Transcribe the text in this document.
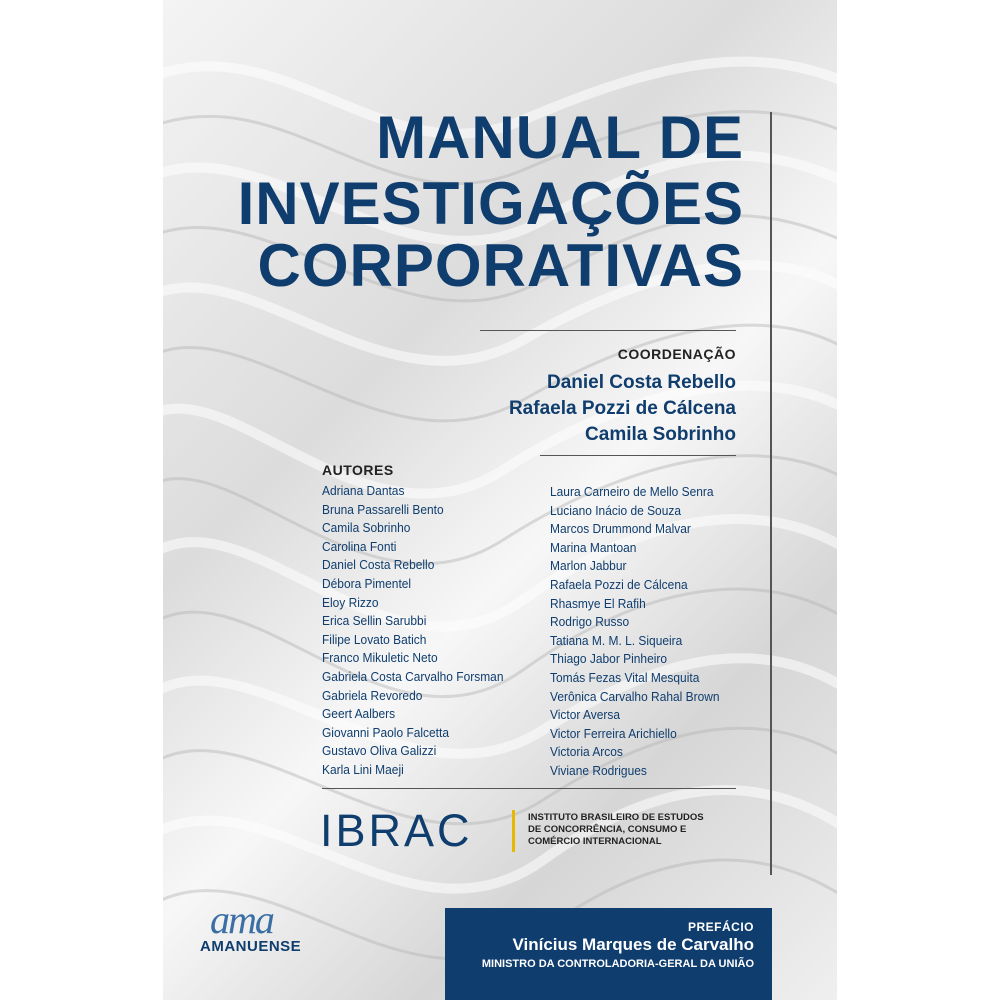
MANUAL DE
INVESTIGAÇÕES
CORPORATIVAS
COORDENAÇÃO
Daniel Costa Rebello
Rafaela Pozzi de Cálcena
Camila Sobrinho
AUTORES
Adriana Dantas
Bruna Passarelli Bento
Camila Sobrinho
Carolina Fonti
Daniel Costa Rebello
Débora Pimentel
Eloy Rizzo
Erica Sellin Sarubbi
Filipe Lovato Batich
Franco Mikuletic Neto
Gabriela Costa Carvalho Forsman
Gabriela Revoredo
Geert Aalbers
Giovanni Paolo Falcetta
Gustavo Oliva Galizzi
Karla Lini Maeji
Laura Carneiro de Mello Senra
Luciano Inácio de Souza
Marcos Drummond Malvar
Marina Mantoan
Marlon Jabbur
Rafaela Pozzi de Cálcena
Rhasmye El Rafih
Rodrigo Russo
Tatiana M. M. L. Siqueira
Thiago Jabor Pinheiro
Tomás Fezas Vital Mesquita
Verônica Carvalho Rahal Brown
Victor Aversa
Victor Ferreira Arichiello
Victoria Arcos
Viviane Rodrigues
IBRAC	INSTITUTO BRASILEIRO DE ESTUDOS
DE CONCORRÊNCIA, CONSUMO E
COMÉRCIO INTERNACIONAL
ama
AMANUENSE
PREFÁCIO
Vinícius Marques de Carvalho
MINISTRO DA CONTROLADORIA-GERAL DA UNIÃO
